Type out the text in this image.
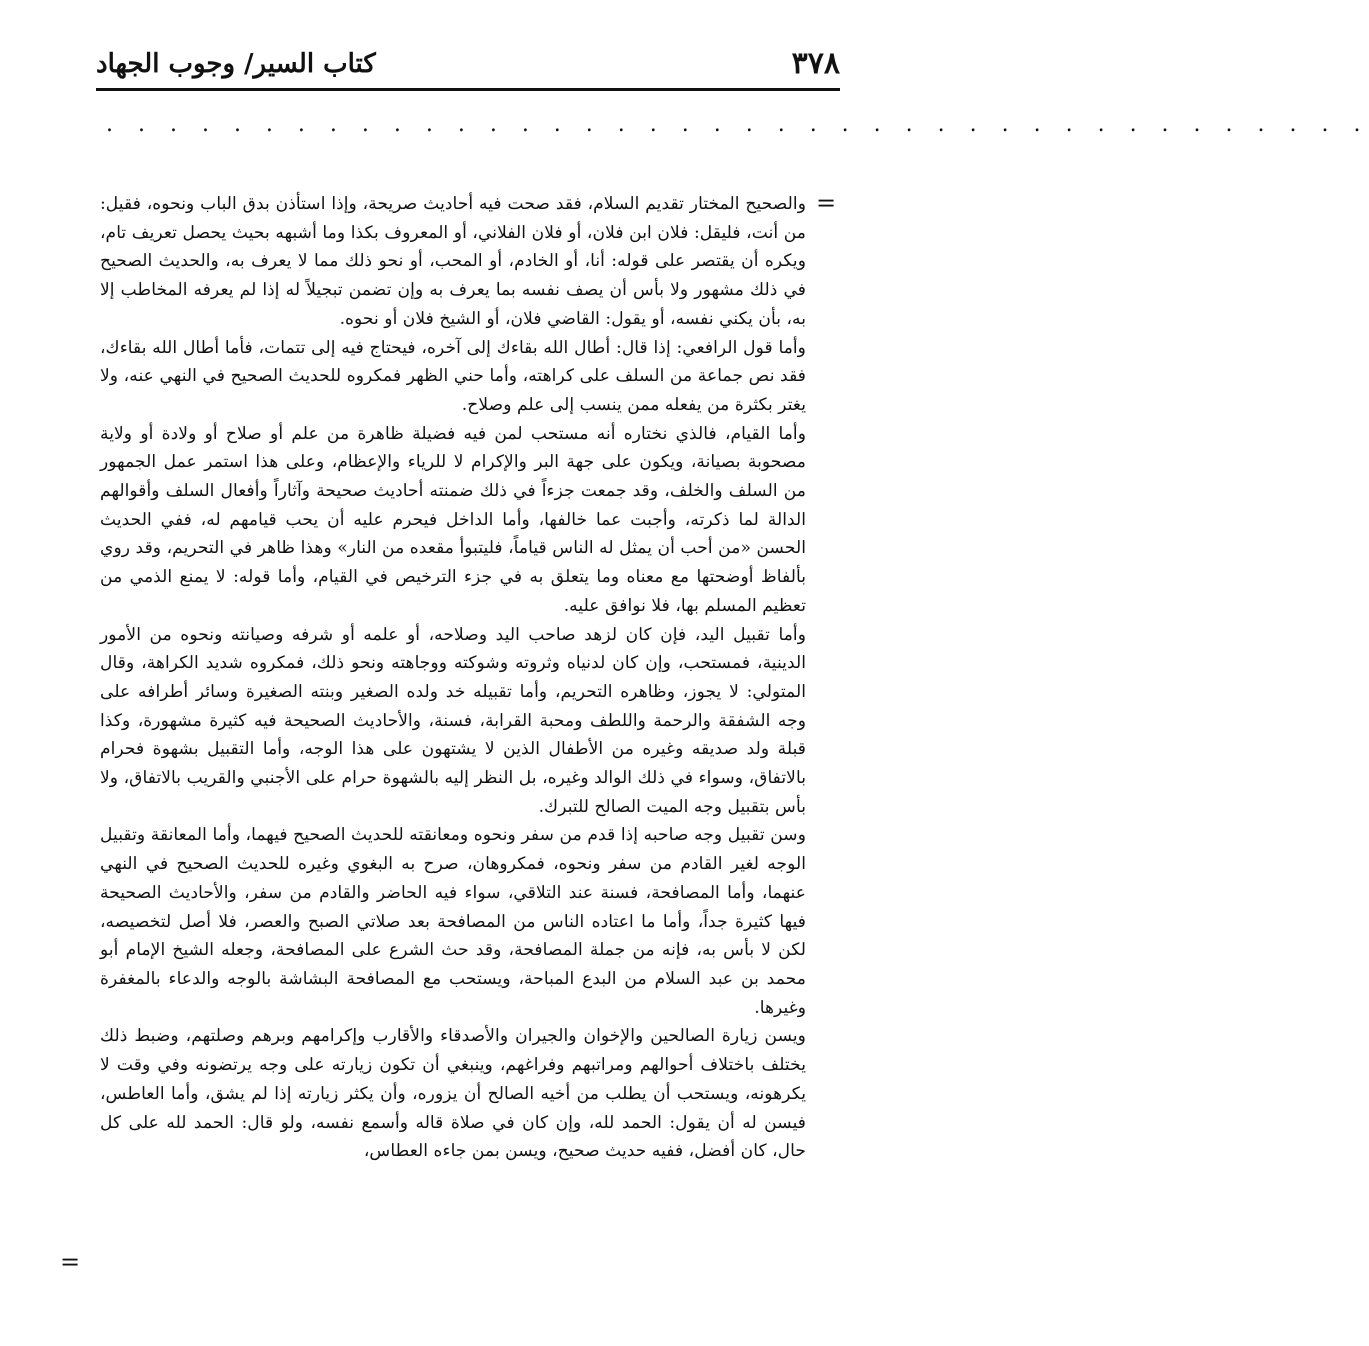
٣٧٨
كتاب السير/ وجوب الجهاد
. . . . . . . . . . . . . . . . . . . . . . . . . . . . . . . . . . . . . . . .
=

والصحيح المختار تقديم السلام، فقد صحت فيه أحاديث صريحة، وإذا استأذن بدق الباب ونحوه، فقيل: من أنت، فليقل: فلان ابن فلان، أو فلان الفلاني، أو المعروف بكذا وما أشبهه بحيث يحصل تعريف تام، ويكره أن يقتصر على قوله: أنا، أو الخادم، أو المحب، أو نحو ذلك مما لا يعرف به، والحديث الصحيح في ذلك مشهور ولا بأس أن يصف نفسه بما يعرف به وإن تضمن تبجيلاً له إذا لم يعرفه المخاطب إلا به، بأن يكني نفسه، أو يقول: القاضي فلان، أو الشيخ فلان أو نحوه.

وأما قول الرافعي: إذا قال: أطال الله بقاءك إلى آخره، فيحتاج فيه إلى تتمات، فأما أطال الله بقاءك، فقد نص جماعة من السلف على كراهته، وأما حني الظهر فمكروه للحديث الصحيح في النهي عنه، ولا يغتر بكثرة من يفعله ممن ينسب إلى علم وصلاح.

وأما القيام، فالذي نختاره أنه مستحب لمن فيه فضيلة ظاهرة من علم أو صلاح أو ولادة أو ولاية مصحوبة بصيانة، ويكون على جهة البر والإكرام لا للرياء والإعظام، وعلى هذا استمر عمل الجمهور من السلف والخلف، وقد جمعت جزءاً في ذلك ضمنته أحاديث صحيحة وآثاراً وأفعال السلف وأقوالهم الدالة لما ذكرته، وأجبت عما خالفها، وأما الداخل فيحرم عليه أن يحب قيامهم له، ففي الحديث الحسن «من أحب أن يمثل له الناس قياماً، فليتبوأ مقعده من النار» وهذا ظاهر في التحريم، وقد روي بألفاظ أوضحتها مع معناه وما يتعلق به في جزء الترخيص في القيام، وأما قوله: لا يمنع الذمي من تعظيم المسلم بها، فلا نوافق عليه.

وأما تقبيل اليد، فإن كان لزهد صاحب اليد وصلاحه، أو علمه أو شرفه وصيانته ونحوه من الأمور الدينية، فمستحب، وإن كان لدنياه وثروته وشوكته ووجاهته ونحو ذلك، فمكروه شديد الكراهة، وقال المتولي: لا يجوز، وظاهره التحريم، وأما تقبيله خد ولده الصغير وبنته الصغيرة وسائر أطرافه على وجه الشفقة والرحمة واللطف ومحبة القرابة، فسنة، والأحاديث الصحيحة فيه كثيرة مشهورة، وكذا قبلة ولد صديقه وغيره من الأطفال الذين لا يشتهون على هذا الوجه، وأما التقبيل بشهوة فحرام بالاتفاق، وسواء في ذلك الوالد وغيره، بل النظر إليه بالشهوة حرام على الأجنبي والقريب بالاتفاق، ولا بأس بتقبيل وجه الميت الصالح للتبرك.

وسن تقبيل وجه صاحبه إذا قدم من سفر ونحوه ومعانقته للحديث الصحيح فيهما، وأما المعانقة وتقبيل الوجه لغير القادم من سفر ونحوه، فمكروهان، صرح به البغوي وغيره للحديث الصحيح في النهي عنهما، وأما المصافحة، فسنة عند التلاقي، سواء فيه الحاضر والقادم من سفر، والأحاديث الصحيحة فيها كثيرة جداً، وأما ما اعتاده الناس من المصافحة بعد صلاتي الصبح والعصر، فلا أصل لتخصيصه، لكن لا بأس به، فإنه من جملة المصافحة، وقد حث الشرع على المصافحة، وجعله الشيخ الإمام أبو محمد بن عبد السلام من البدع المباحة، ويستحب مع المصافحة البشاشة بالوجه والدعاء بالمغفرة وغيرها.

ويسن زيارة الصالحين والإخوان والجيران والأصدقاء والأقارب وإكرامهم وبرهم وصلتهم، وضبط ذلك يختلف باختلاف أحوالهم ومراتبهم وفراغهم، وينبغي أن تكون زيارته على وجه يرتضونه وفي وقت لا يكرهونه، ويستحب أن يطلب من أخيه الصالح أن يزوره، وأن يكثر زيارته إذا لم يشق، وأما العاطس، فيسن له أن يقول: الحمد لله، وإن كان في صلاة قاله وأسمع نفسه، ولو قال: الحمد لله على كل حال، كان أفضل، ففيه حديث صحيح، ويسن بمن جاءه العطاس،

=
